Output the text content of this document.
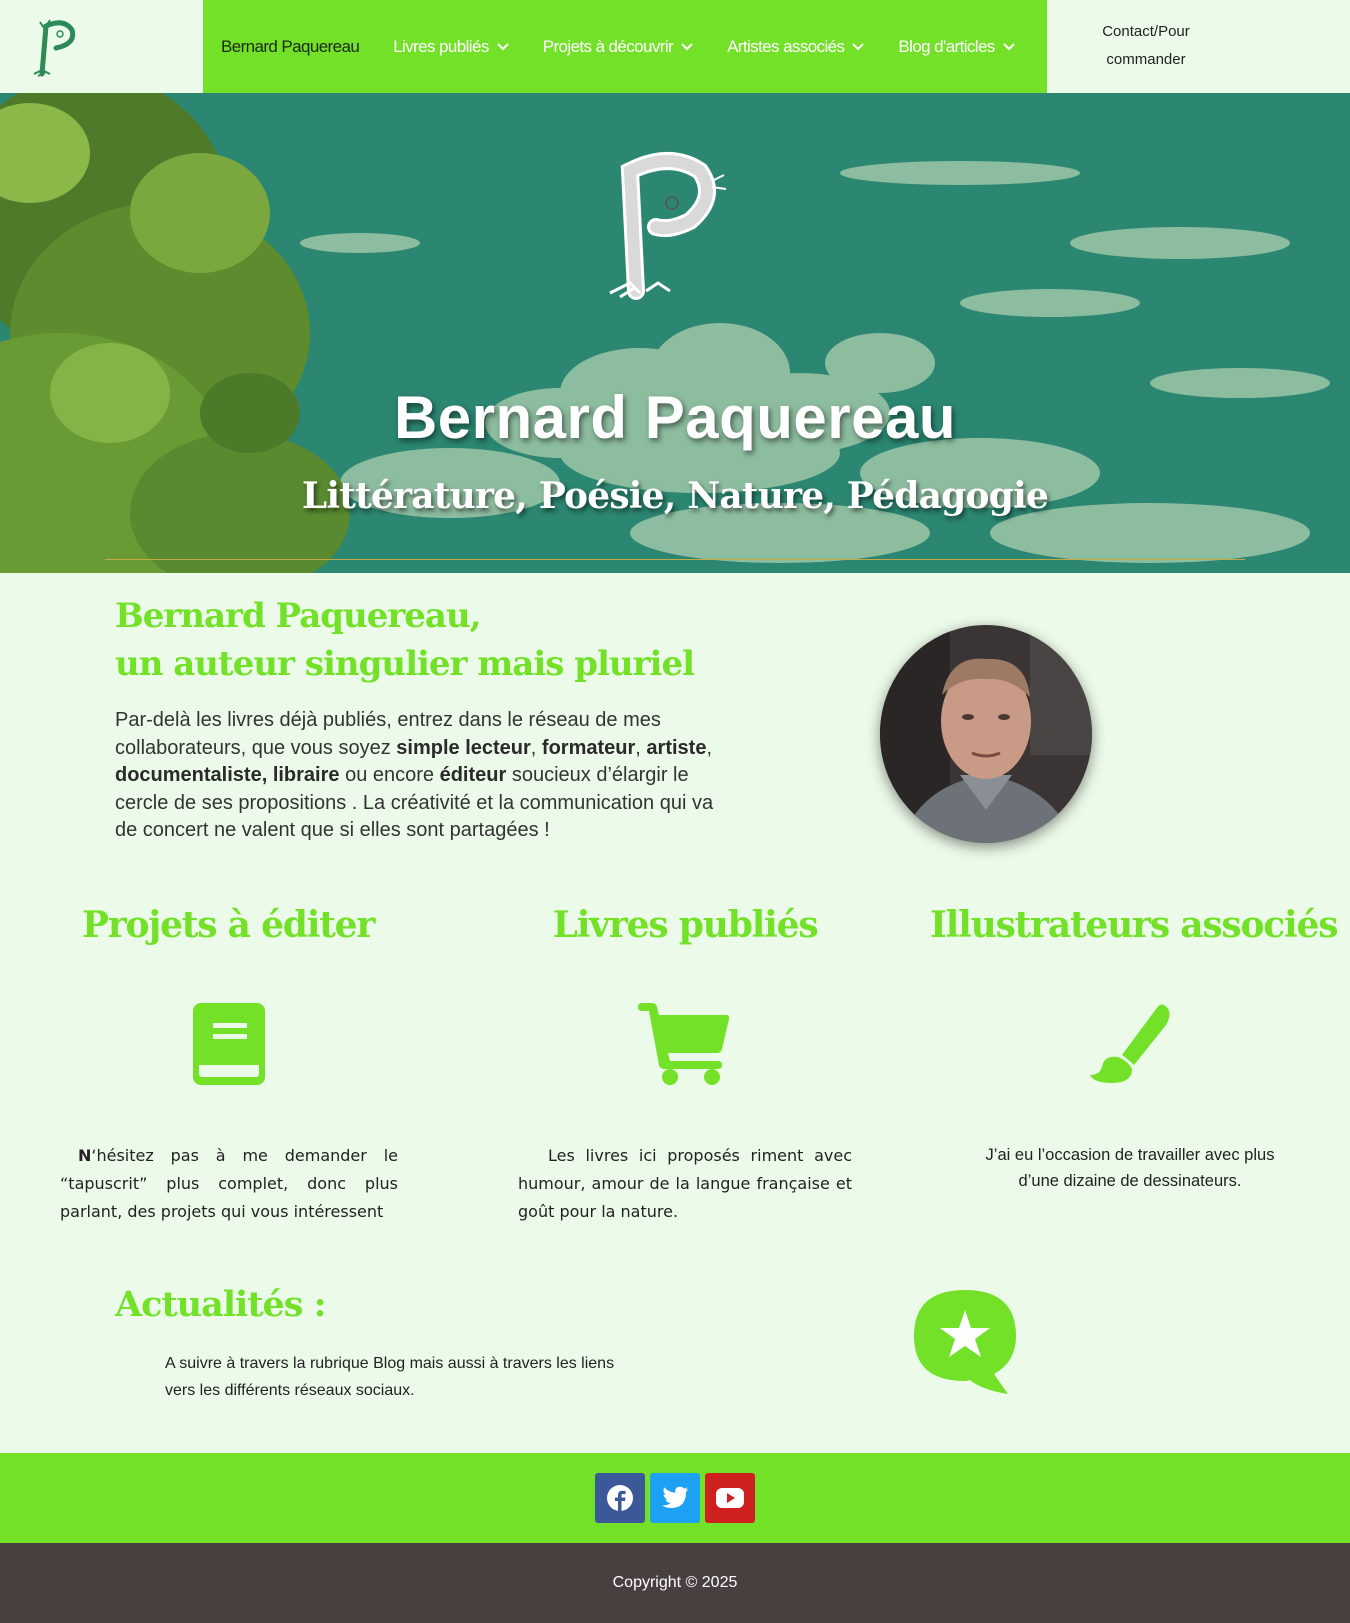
Bernard Paquereau Livres publiés	Projets à découvrir	Artistes associés	Blog d'articles
Contact/Pour
commander
Bernard Paquereau
Littérature, Poésie, Nature, Pédagogie
Bernard Paquereau,
un auteur singulier mais pluriel
Par-delà les livres déjà publiés, entrez dans le réseau de mes collaborateurs, que vous soyez simple lecteur, formateur, artiste, documentaliste, libraire ou encore éditeur soucieux d’élargir le cercle de ses propositions . La créativité et la communication qui va de concert ne valent que si elles sont partagées !
Projets à éditer	Livres publiés	Illustrateurs associés
N‘hésitez pas à me demander le “tapuscrit” plus complet, donc plus parlant, des projets qui vous intéressent
Les livres ici proposés riment avec humour, amour de la langue française et goût pour la nature.
J’ai eu l’occasion de travailler avec plus d’une dizaine de dessinateurs.
Actualités :
A suivre à travers la rubrique Blog mais aussi à travers les liens vers les différents réseaux sociaux.
Copyright © 2025
